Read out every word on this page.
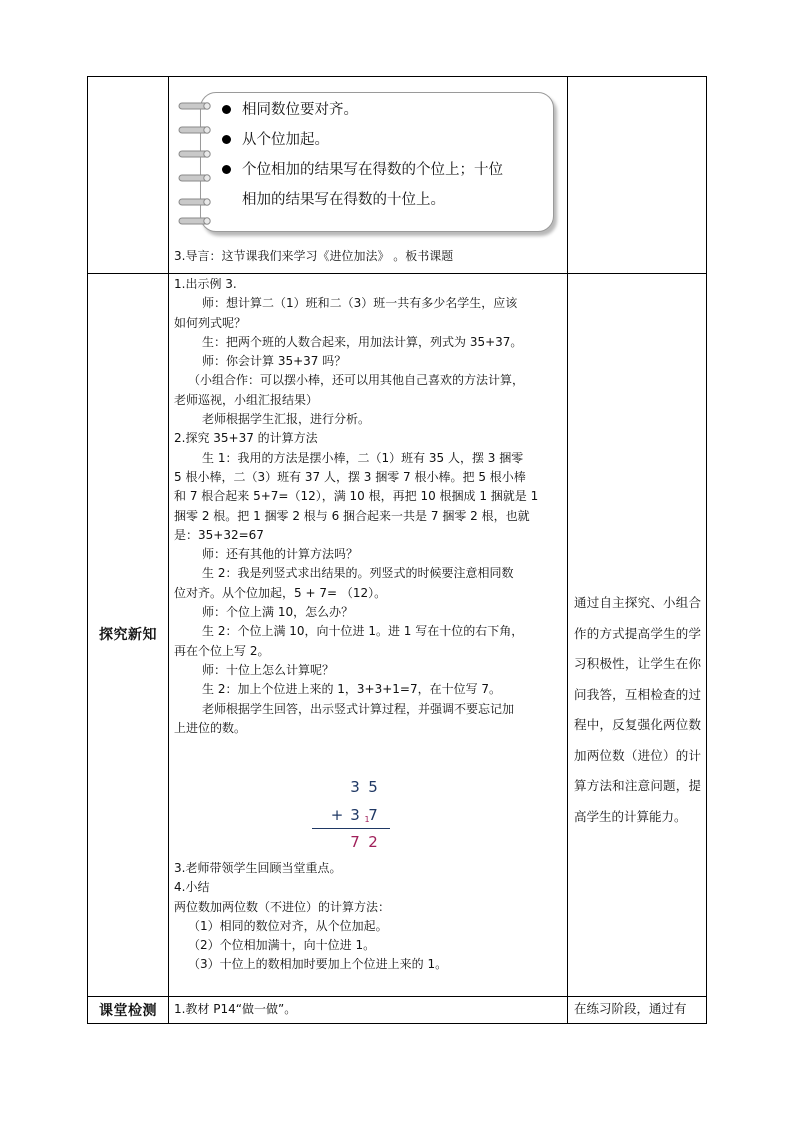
相同数位要对齐。
从个位加起。
个位相加的结果写在得数的个位上；十位
相加的结果写在得数的十位上。
3.导言：这节课我们来学习《进位加法》 。板书课题
探究新知

1.出示例 3.

师：想计算二（1）班和二（3）班一共有多少名学生，应该

如何列式呢？

生：把两个班的人数合起来，用加法计算，列式为 35+37。

师：你会计算 35+37 吗？

（小组合作：可以摆小棒，还可以用其他自己喜欢的方法计算，

老师巡视，小组汇报结果）

老师根据学生汇报，进行分析。

2.探究 35+37 的计算方法

生 1：我用的方法是摆小棒，二（1）班有 35 人，摆 3 捆零

5 根小棒，二（3）班有 37 人，摆 3 捆零 7 根小棒。把 5 根小棒

和 7 根合起来 5+7=（12），满 10 根，再把 10 根捆成 1 捆就是 1

捆零 2 根。把 1 捆零 2 根与 6 捆合起来一共是 7 捆零 2 根，也就

是：35+32=67

师：还有其他的计算方法吗？

生 2：我是列竖式求出结果的。列竖式的时候要注意相同数

位对齐。从个位加起，5 + 7= （12）。

师：个位上满 10，怎么办？

生 2：个位上满 10，向十位进 1。进 1 写在十位的右下角，

再在个位上写 2。

师：十位上怎么计算呢？

生 2：加上个位进上来的 1，3+3+1=7，在十位写 7。

老师根据学生回答，出示竖式计算过程，并强调不要忘记加

上进位的数。

3 5
+ 3 1
7
7 2

3.老师带领学生回顾当堂重点。

4.小结

两位数加两位数（不进位）的计算方法：

（1）相同的数位对齐，从个位加起。

（2）个位相加满十，向十位进 1。

（3）十位上的数相加时要加上个位进上来的 1。

通过自主探究、小组合作的方式提高学生的学习积极性，让学生在你问我答，互相检查的过程中，反复强化两位数加两位数（进位）的计算方法和注意问题，提高学生的计算能力。
课堂检测	1.教材 P14“做一做”。	在练习阶段，通过有
